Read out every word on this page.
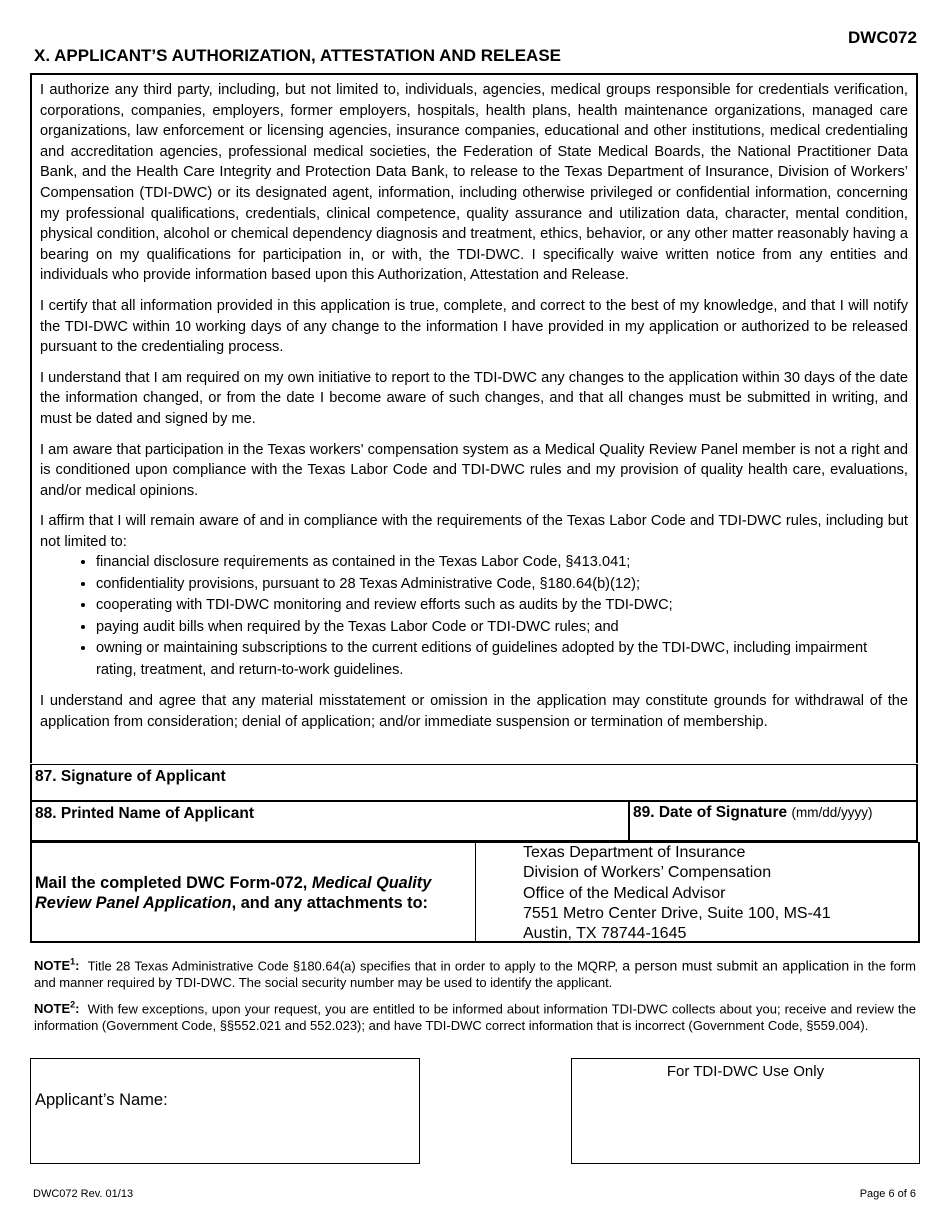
DWC072
X. APPLICANT’S AUTHORIZATION, ATTESTATION AND RELEASE

I authorize any third party, including, but not limited to, individuals, agencies, medical groups responsible for credentials verification, corporations, companies, employers, former employers, hospitals, health plans, health maintenance organizations, managed care organizations, law enforcement or licensing agencies, insurance companies, educational and other institutions, medical credentialing and accreditation agencies, professional medical societies, the Federation of State Medical Boards, the National Practitioner Data Bank, and the Health Care Integrity and Protection Data Bank, to release to the Texas Department of Insurance, Division of Workers’ Compensation (TDI-DWC) or its designated agent, information, including otherwise privileged or confidential information, concerning my professional qualifications, credentials, clinical competence, quality assurance and utilization data, character, mental condition, physical condition, alcohol or chemical dependency diagnosis and treatment, ethics, behavior, or any other matter reasonably having a bearing on my qualifications for participation in, or with, the TDI-DWC. I specifically waive written notice from any entities and individuals who provide information based upon this Authorization, Attestation and Release.

I certify that all information provided in this application is true, complete, and correct to the best of my knowledge, and that I will notify the TDI-DWC within 10 working days of any change to the information I have provided in my application or authorized to be released pursuant to the credentialing process.

I understand that I am required on my own initiative to report to the TDI-DWC any changes to the application within 30 days of the date the information changed, or from the date I become aware of such changes, and that all changes must be submitted in writing, and must be dated and signed by me.

I am aware that participation in the Texas workers' compensation system as a Medical Quality Review Panel member is not a right and is conditioned upon compliance with the Texas Labor Code and TDI-DWC rules and my provision of quality health care, evaluations, and/or medical opinions.

I affirm that I will remain aware of and in compliance with the requirements of the Texas Labor Code and TDI-DWC rules, including but not limited to:

• financial disclosure requirements as contained in the Texas Labor Code, §413.041;
• confidentiality provisions, pursuant to 28 Texas Administrative Code, §180.64(b)(12);
• cooperating with TDI-DWC monitoring and review efforts such as audits by the TDI-DWC;
• paying audit bills when required by the Texas Labor Code or TDI-DWC rules; and
• owning or maintaining subscriptions to the current editions of guidelines adopted by the TDI-DWC, including impairment rating, treatment, and return-to-work guidelines.

I understand and agree that any material misstatement or omission in the application may constitute grounds for withdrawal of the application from consideration; denial of application; and/or immediate suspension or termination of membership.

87. Signature of Applicant
88. Printed Name of Applicant	89. Date of Signature (mm/dd/yyyy)
Mail the completed DWC Form-072, Medical Quality Review Panel Application, and any attachments to:
Texas Department of Insurance
Division of Workers’ Compensation
Office of the Medical Advisor
7551 Metro Center Drive, Suite 100, MS-41
Austin, TX 78744-1645
NOTE$^1$: Title 28 Texas Administrative Code §180.64(a) specifies that in order to apply to the MQRP, a person must submit an application in the form and manner required by TDI-DWC. The social security number may be used to identify the applicant.
NOTE$^2$: With few exceptions, upon your request, you are entitled to be informed about information TDI-DWC collects about you; receive and review the information (Government Code, §§552.021 and 552.023); and have TDI-DWC correct information that is incorrect (Government Code, §559.004).
Applicant’s Name:
For TDI-DWC Use Only
DWC072 Rev. 01/13	Page 6 of 6
